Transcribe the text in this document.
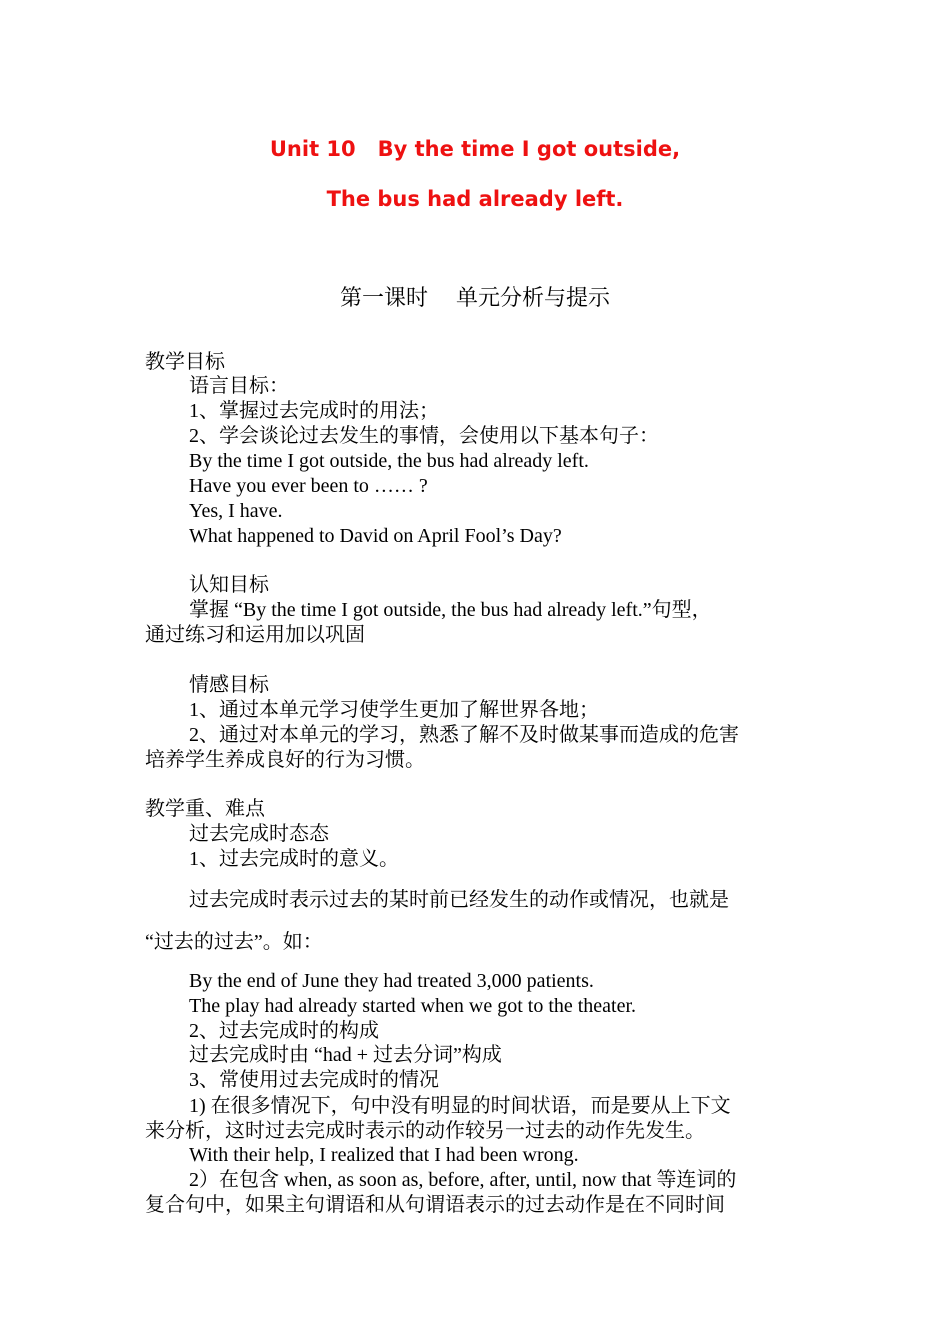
Unit 10   By the time I got outside,
The bus had already left.
第一课时    单元分析与提示
教学目标
语言目标：
1、掌握过去完成时的用法；
2、学会谈论过去发生的事情，会使用以下基本句子：
By the time I got outside, the bus had already left.
Have you ever been to …… ?
Yes, I have.
What happened to David on April Fool’s Day?
认知目标
掌握 “By the time I got outside, the bus had already left.”句型，
通过练习和运用加以巩固
情感目标
1、通过本单元学习使学生更加了解世界各地；
2、通过对本单元的学习，熟悉了解不及时做某事而造成的危害
培养学生养成良好的行为习惯。
教学重、难点
过去完成时态态
1、过去完成时的意义。
过去完成时表示过去的某时前已经发生的动作或情况，也就是
“过去的过去”。如：
By the end of June they had treated 3,000 patients.
The play had already started when we got to the theater.
2、过去完成时的构成
过去完成时由 “had + 过去分词”构成
3、常使用过去完成时的情况
1) 在很多情况下，句中没有明显的时间状语，而是要从上下文
来分析，这时过去完成时表示的动作较另一过去的动作先发生。
With their help, I realized that I had been wrong.
2）在包含 when, as soon as, before, after, until, now that 等连词的
复合句中，如果主句谓语和从句谓语表示的过去动作是在不同时间
